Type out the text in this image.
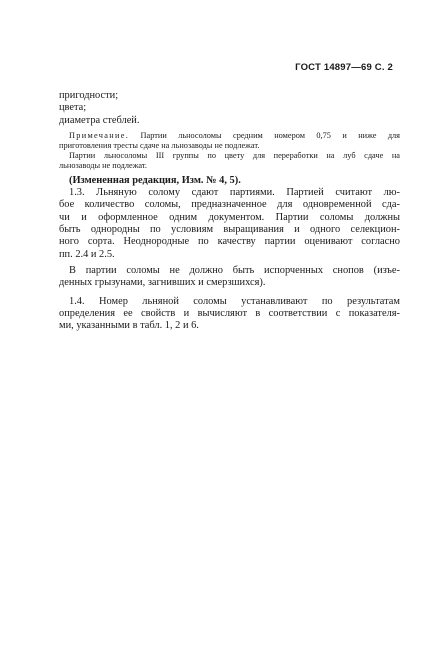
ГОСТ 14897—69 С. 2
пригодности;
цвета;
диаметра стеблей.
Примечание. Партии льносоломы средним номером 0,75 и ниже для
приготовления тресты сдаче на льнозаводы не подлежат.
Партии льносоломы III группы по цвету для переработки на луб сдаче на
льнозаводы не подлежат.
(Измененная редакция, Изм. № 4, 5).
1.3. Льняную солому сдают партиями. Партией считают лю-
бое количество соломы, предназначенное для одновременной сда-
чи и оформленное одним документом. Партии соломы должны
быть однородны по условиям выращивания и одного селекцион-
ного сорта. Неоднородные по качеству партии оценивают согласно
пп. 2.4 и 2.5.
В партии соломы не должно быть испорченных снопов (изъе-
денных грызунами, загнивших и смерзшихся).
1.4. Номер льняной соломы устанавливают по результатам
определения ее свойств и вычисляют в соответствии с показателя-
ми, указанными в табл. 1, 2 и 6.
